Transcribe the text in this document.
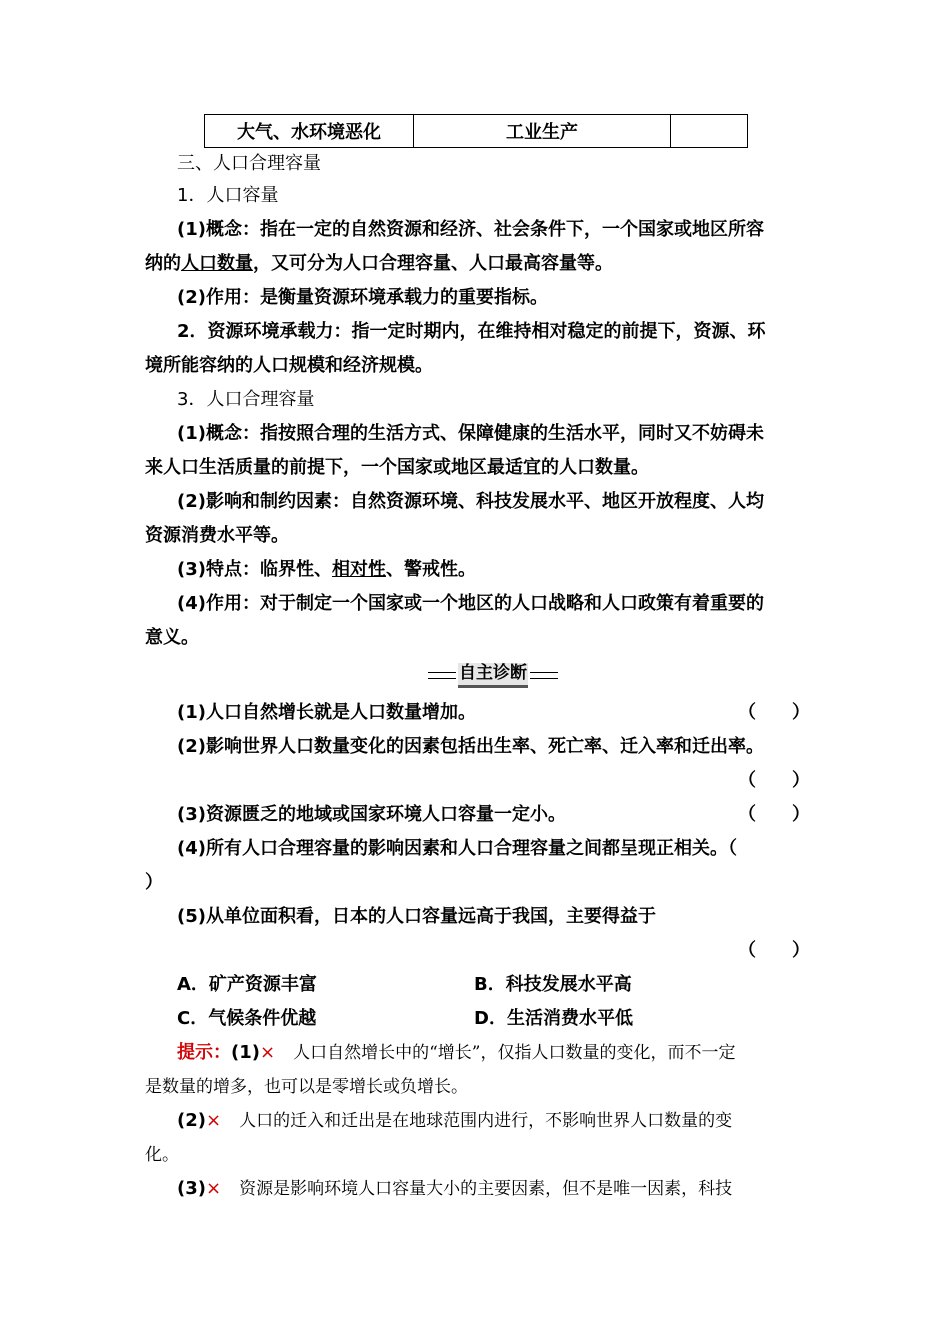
大气、水环境恶化	工业生产	
三、人口合理容量
1．人口容量
(1)概念：指在一定的自然资源和经济、社会条件下，一个国家或地区所容
纳的人口数量，又可分为人口合理容量、人口最高容量等。
(2)作用：是衡量资源环境承载力的重要指标。
2．资源环境承载力：指一定时期内，在维持相对稳定的前提下，资源、环
境所能容纳的人口规模和经济规模。
3．人口合理容量
(1)概念：指按照合理的生活方式、保障健康的生活水平，同时又不妨碍未
来人口生活质量的前提下，一个国家或地区最适宜的人口数量。
(2)影响和制约因素：自然资源环境、科技发展水平、地区开放程度、人均
资源消费水平等。
(3)特点：临界性、相对性、警戒性。
(4)作用：对于制定一个国家或一个地区的人口战略和人口政策有着重要的
意义。
自主诊断
(1)人口自然增长就是人口数量增加。	（　　）
(2)影响世界人口数量变化的因素包括出生率、死亡率、迁入率和迁出率。
（　　）
(3)资源匮乏的地域或国家环境人口容量一定小。	（　　）
(4)所有人口合理容量的影响因素和人口合理容量之间都呈现正相关。（
）
(5)从单位面积看，日本的人口容量远高于我国，主要得益于
（　　）
A．矿产资源丰富	B．科技发展水平高
C．气候条件优越	D．生活消费水平低
提示：(1)×　 人口自然增长中的“增长”，仅指人口数量的变化，而不一定
是数量的增多，也可以是零增长或负增长。
(2)×　 人口的迁入和迁出是在地球范围内进行，不影响世界人口数量的变
化。
(3)×　 资源是影响环境人口容量大小的主要因素，但不是唯一因素，科技
